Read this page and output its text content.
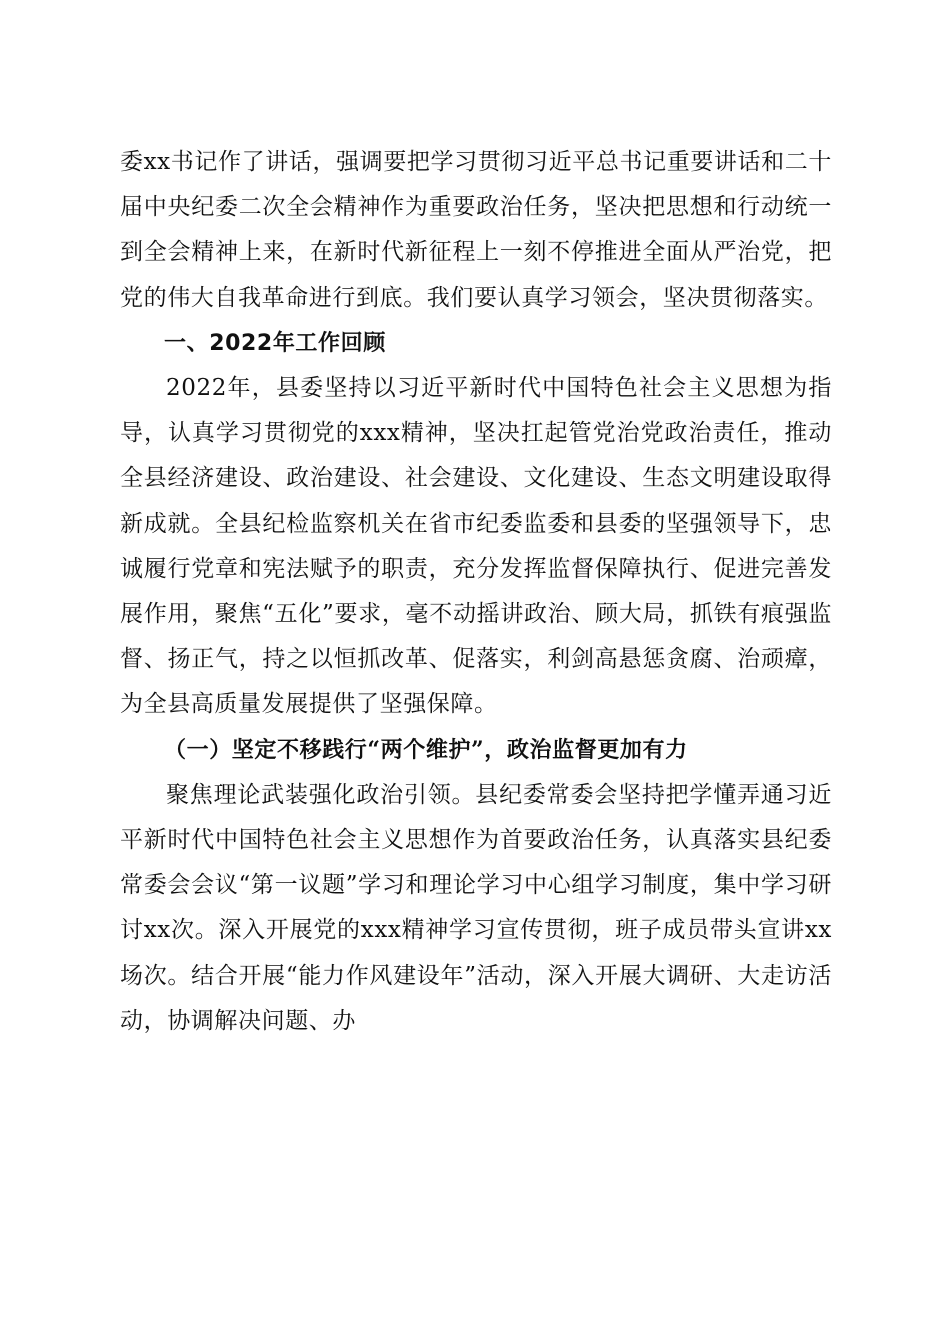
委xx书记作了讲话，强调要把学习贯彻习近平总书记重要讲话和二十届中央纪委二次全会精神作为重要政治任务，坚决把思想和行动统一到全会精神上来，在新时代新征程上一刻不停推进全面从严治党，把党的伟大自我革命进行到底。我们要认真学习领会，坚决贯彻落实。

一、2022年工作回顾

2022年，县委坚持以习近平新时代中国特色社会主义思想为指导，认真学习贯彻党的xxx精神，坚决扛起管党治党政治责任，推动全县经济建设、政治建设、社会建设、文化建设、生态文明建设取得新成就。全县纪检监察机关在省市纪委监委和县委的坚强领导下，忠诚履行党章和宪法赋予的职责，充分发挥监督保障执行、促进完善发展作用，聚焦“五化”要求，毫不动摇讲政治、顾大局，抓铁有痕强监督、扬正气，持之以恒抓改革、促落实，利剑高悬惩贪腐、治顽瘴，为全县高质量发展提供了坚强保障。

（一）坚定不移践行“两个维护”，政治监督更加有力

聚焦理论武装强化政治引领。县纪委常委会坚持把学懂弄通习近平新时代中国特色社会主义思想作为首要政治任务，认真落实县纪委常委会会议“第一议题”学习和理论学习中心组学习制度，集中学习研讨xx次。深入开展党的xxx精神学习宣传贯彻，班子成员带头宣讲xx场次。结合开展“能力作风建设年”活动，深入开展大调研、大走访活动，协调解决问题、办
